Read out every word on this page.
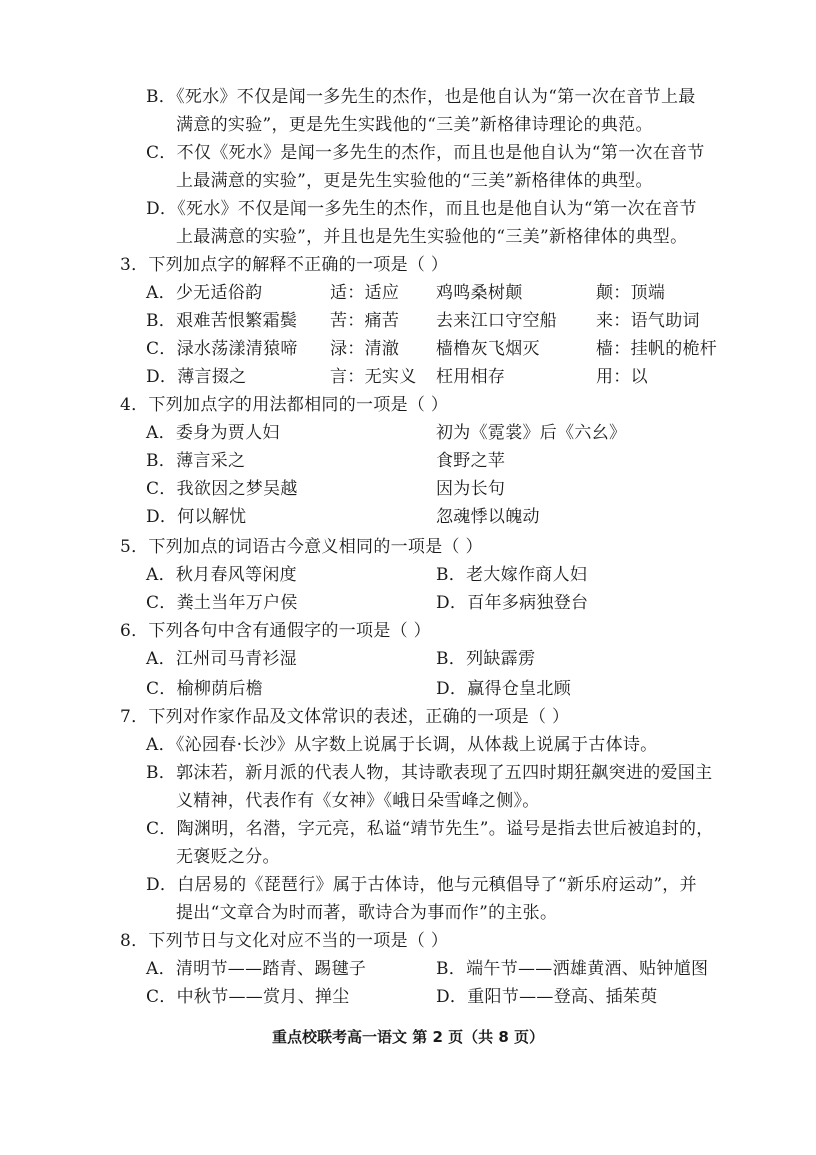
B．《死水》不仅是闻一多先生的杰作，也是他自认为“第一次在音节上最
满意的实验”，更是先生实践他的“三美”新格律诗理论的典范。
C．不仅《死水》是闻一多先生的杰作，而且也是他自认为“第一次在音节
上最满意的实验”，更是先生实验他的“三美”新格律体的典型。
D．《死水》不仅是闻一多先生的杰作，而且也是他自认为“第一次在音节
上最满意的实验”，并且也是先生实验他的“三美”新格律体的典型。
3．下列加点字的解释不正确的一项是（ ）
A．少无适俗韵	适：适应 鸡鸣桑树颠	颠：顶端
B．艰难苦恨繁霜鬓 苦：痛苦 去来江口守空船 来：语气助词
C．渌水荡漾清猿啼 渌：清澈 樯橹灰飞烟灭	樯：挂帆的桅杆
D．薄言掇之	言：无实义 枉用相存	用：以
4．下列加点字的用法都相同的一项是（ ）
A．委身为贾人妇	初为《霓裳》后《六幺》
B．薄言采之	食野之苹
C．我欲因之梦吴越	因为长句
D．何以解忧	忽魂悸以魄动
5．下列加点的词语古今意义相同的一项是（ ）
A．秋月春风等闲度	B．老大嫁作商人妇
C．粪土当年万户侯	D．百年多病独登台
6．下列各句中含有通假字的一项是（ ）
A．江州司马青衫湿	B．列缺霹雳
C．榆柳荫后檐	D．赢得仓皇北顾
7．下列对作家作品及文体常识的表述，正确的一项是（ ）
A．《沁园春·长沙》从字数上说属于长调，从体裁上说属于古体诗。
B．郭沫若，新月派的代表人物，其诗歌表现了五四时期狂飙突进的爱国主
义精神，代表作有《女神》《峨日朵雪峰之侧》。
C．陶渊明，名潜，字元亮，私谥“靖节先生”。谥号是指去世后被追封的，
无褒贬之分。
D．白居易的《琵琶行》属于古体诗，他与元稹倡导了“新乐府运动”，并
提出“文章合为时而著，歌诗合为事而作”的主张。
8．下列节日与文化对应不当的一项是（ ）
A．清明节——踏青、踢毽子	B．端午节——洒雄黄酒、贴钟馗图
C．中秋节——赏月、掸尘	D．重阳节——登高、插茱萸
重点校联考高一语文 第 2 页（共 8 页）
